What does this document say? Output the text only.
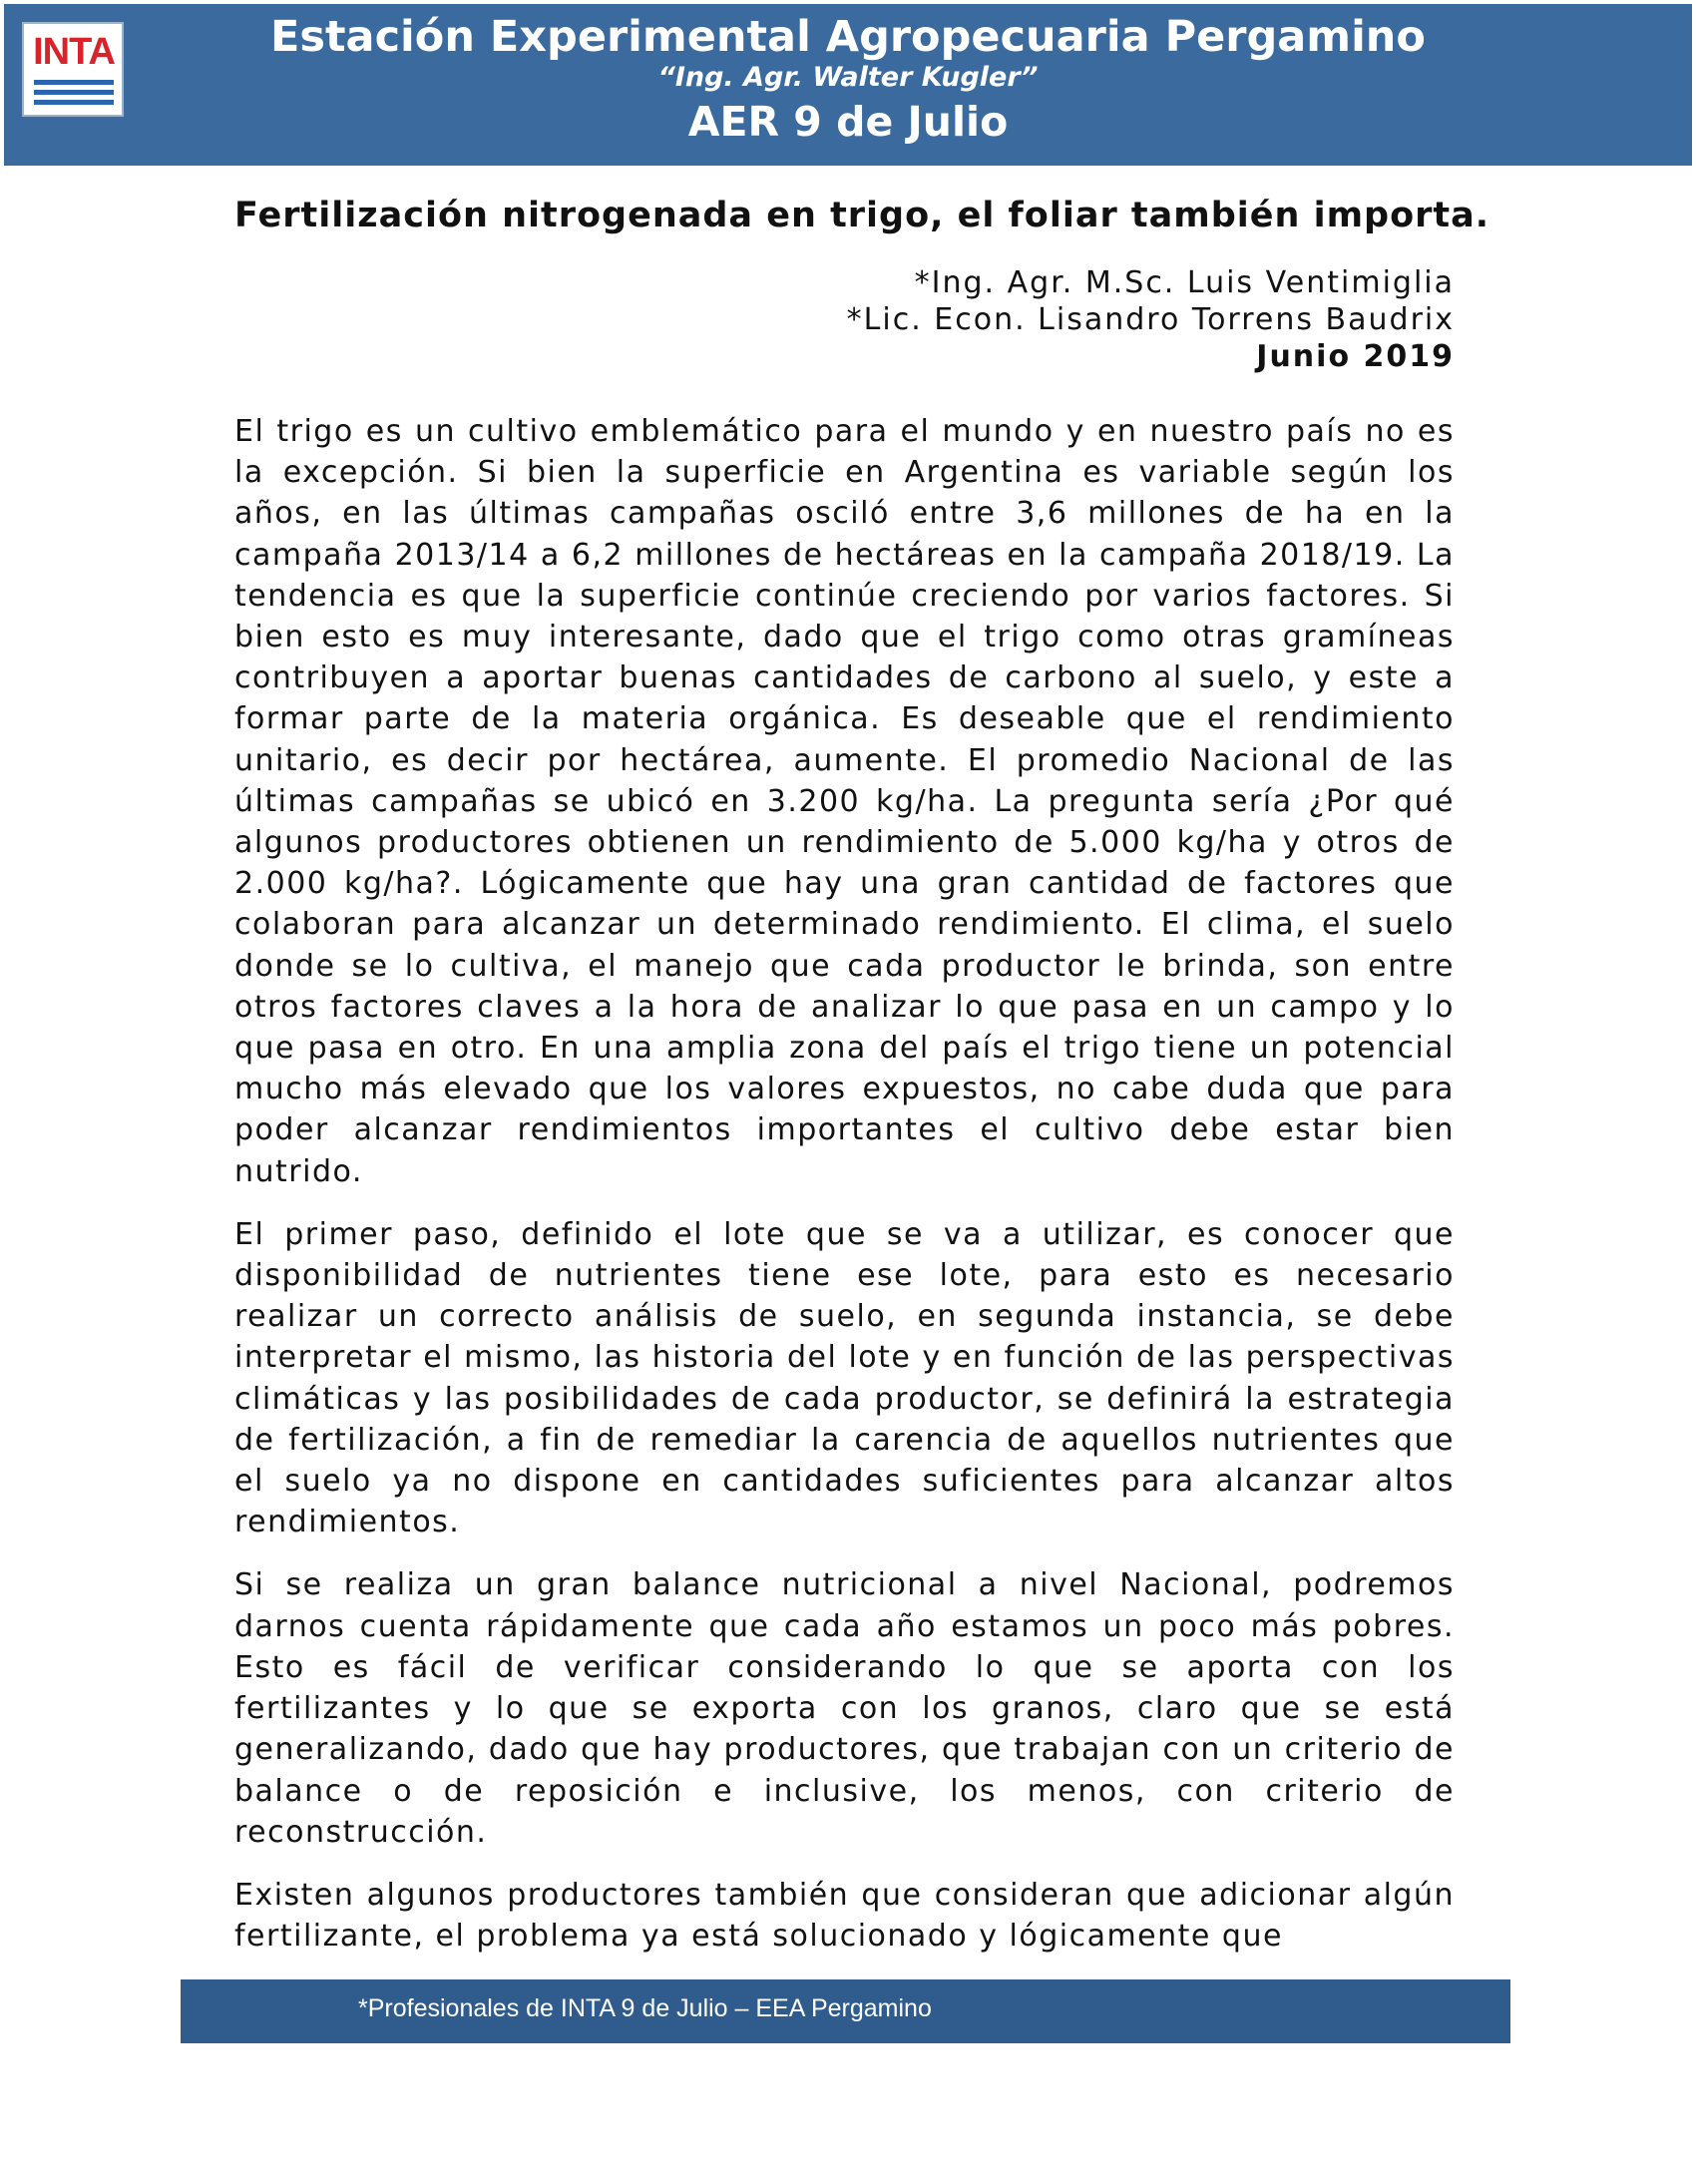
INTA	Estación Experimental Agropecuaria Pergamino
“Ing. Agr. Walter Kugler”
AER 9 de Julio
Fertilización nitrogenada en trigo, el foliar también importa.
*Ing. Agr. M.Sc. Luis Ventimiglia
*Lic. Econ. Lisandro Torrens Baudrix
Junio 2019

El trigo es un cultivo emblemático para el mundo y en nuestro país no es la excepción. Si bien la superficie en Argentina es variable según los años, en las últimas campañas osciló entre 3,6 millones de ha en la campaña 2013/14 a 6,2 millones de hectáreas en la campaña 2018/19. La tendencia es que la superficie continúe creciendo por varios factores. Si bien esto es muy interesante, dado que el trigo como otras gramíneas contribuyen a aportar buenas cantidades de carbono al suelo, y este a formar parte de la materia orgánica. Es deseable que el rendimiento unitario, es decir por hectárea, aumente. El promedio Nacional de las últimas campañas se ubicó en 3.200 kg/ha. La pregunta sería ¿Por qué algunos productores obtienen un rendimiento de 5.000 kg/ha y otros de 2.000 kg/ha?. Lógicamente que hay una gran cantidad de factores que colaboran para alcanzar un determinado rendimiento. El clima, el suelo donde se lo cultiva, el manejo que cada productor le brinda, son entre otros factores claves a la hora de analizar lo que pasa en un campo y lo que pasa en otro. En una amplia zona del país el trigo tiene un potencial mucho más elevado que los valores expuestos, no cabe duda que para poder alcanzar rendimientos importantes el cultivo debe estar bien nutrido.

El primer paso, definido el lote que se va a utilizar, es conocer que disponibilidad de nutrientes tiene ese lote, para esto es necesario realizar un correcto análisis de suelo, en segunda instancia, se debe interpretar el mismo, las historia del lote y en función de las perspectivas climáticas y las posibilidades de cada productor, se definirá la estrategia de fertilización, a fin de remediar la carencia de aquellos nutrientes que el suelo ya no dispone en cantidades suficientes para alcanzar altos rendimientos.

Si se realiza un gran balance nutricional a nivel Nacional, podremos darnos cuenta rápidamente que cada año estamos un poco más pobres. Esto es fácil de verificar considerando lo que se aporta con los fertilizantes y lo que se exporta con los granos, claro que se está generalizando, dado que hay productores, que trabajan con un criterio de balance o de reposición e inclusive, los menos, con criterio de reconstrucción.

Existen algunos productores también que consideran que adicionar algún fertilizante, el problema ya está solucionado y lógicamente que

*Profesionales de INTA 9 de Julio – EEA Pergamino
